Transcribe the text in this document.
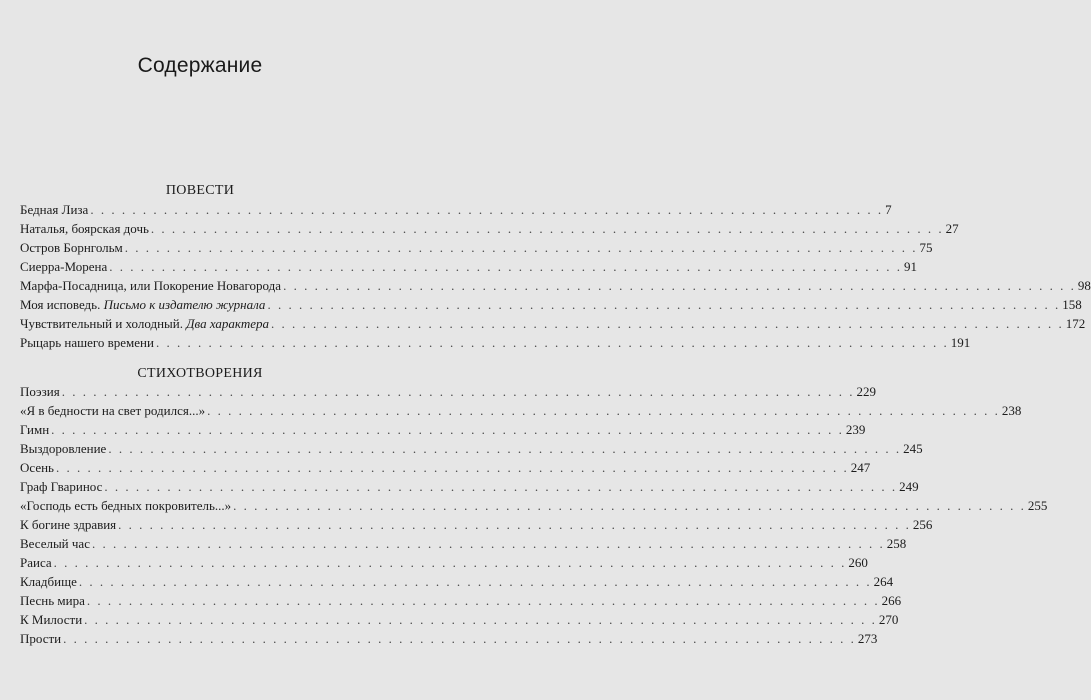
Содержание
ПОВЕСТИ
Бедная Лиза . . .	7
Наталья, боярская дочь . . .	27
Остров Борнгольм . . .	75
Сиерра-Морена . . .	91
Марфа-Посадница, или Покорение Новагорода . . .	98
Моя исповедь. Письмо к издателю журнала . . .	158
Чувствительный и холодный. Два характера . . .	172
Рыцарь нашего времени . . .	191
СТИХОТВОРЕНИЯ
Поэзия . . .	229
«Я в бедности на свет родился...» . . .	238
Гимн . . .	239
Выздоровление . . .	245
Осень . . .	247
Граф Гваринос . . .	249
«Господь есть бедных покровитель...» . . .	255
К богине здравия . . .	256
Веселый час . . .	258
Раиса . . .	260
Кладбище . . .	264
Песнь мира . . .	266
К Милости . . .	270
Прости . . .	273
